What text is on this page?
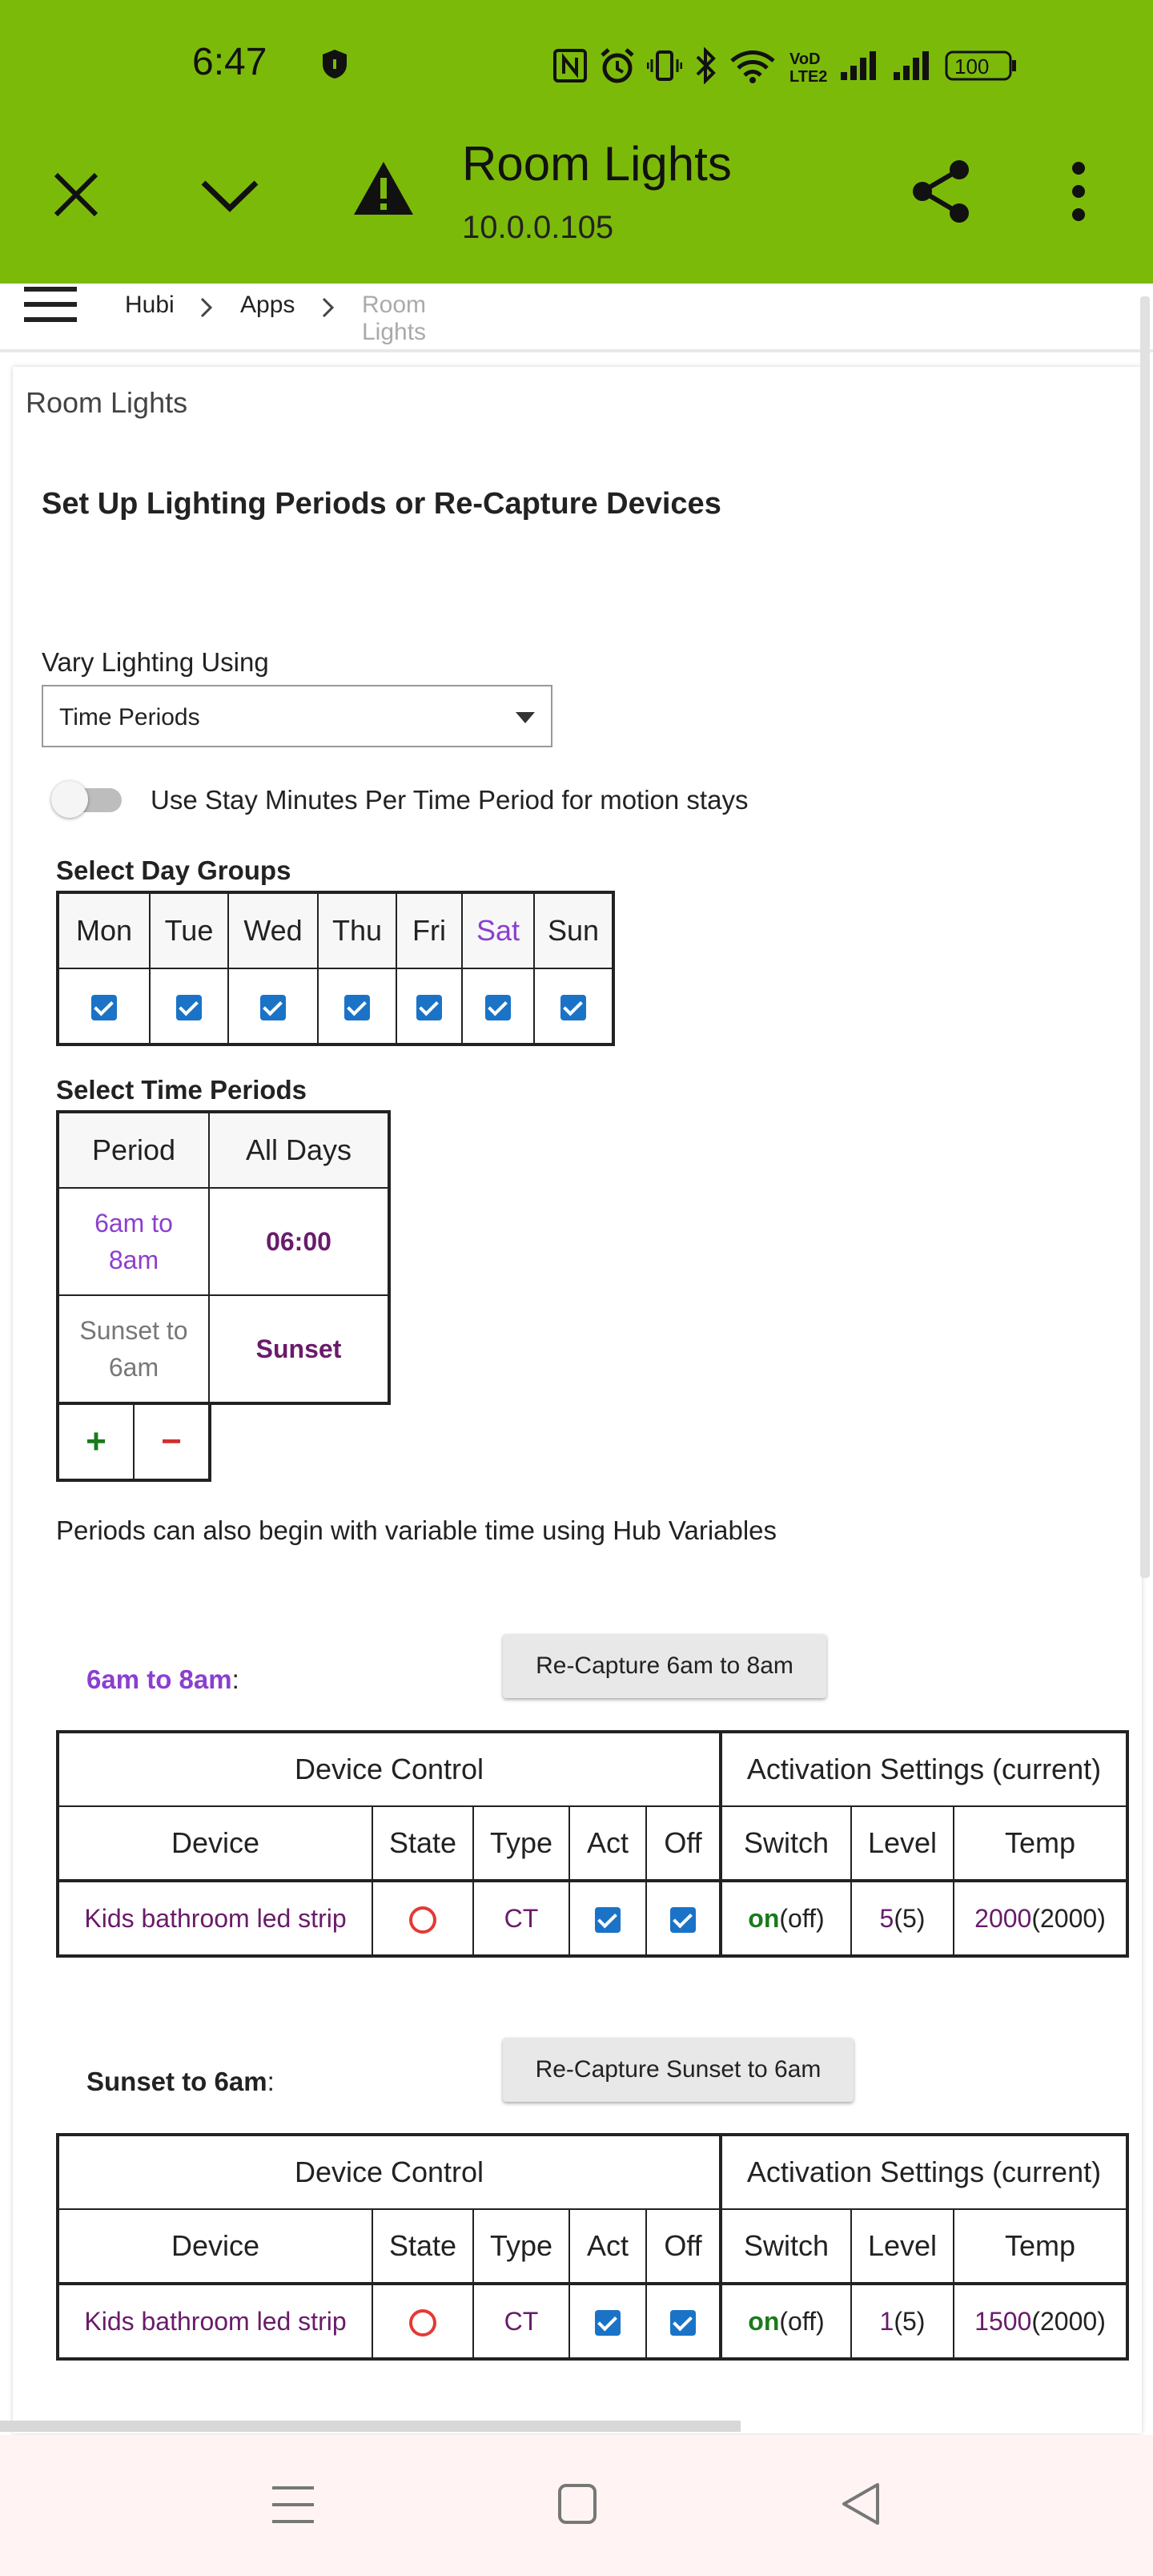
6:47	VoD
LTE2	100
Room Lights
10.0.0.105
Hubi	Apps	Room Lights
Room Lights
Set Up Lighting Periods or Re-Capture Devices
Vary Lighting Using
Time Periods
Use Stay Minutes Per Time Period for motion stays
Select Day Groups
Mon	Tue	Wed	Thu	Fri	Sat	Sun

Select Time Periods
Period	All Days
6am to
8am	06:00
Sunset to
6am	Sunset
+	−
Periods can also begin with variable time using Hub Variables
6am to 8am:	Re-Capture 6am to 8am
Device Control					Activation Settings (current)		
Device	State	Type	Act	Off	Switch	Level	Temp
Kids bathroom led strip		CT			on(off)	5(5)	2000(2000)
Sunset to 6am:	Re-Capture Sunset to 6am
Device Control					Activation Settings (current)		
Device	State	Type	Act	Off	Switch	Level	Temp
Kids bathroom led strip		CT			on(off)	1(5)	1500(2000)
